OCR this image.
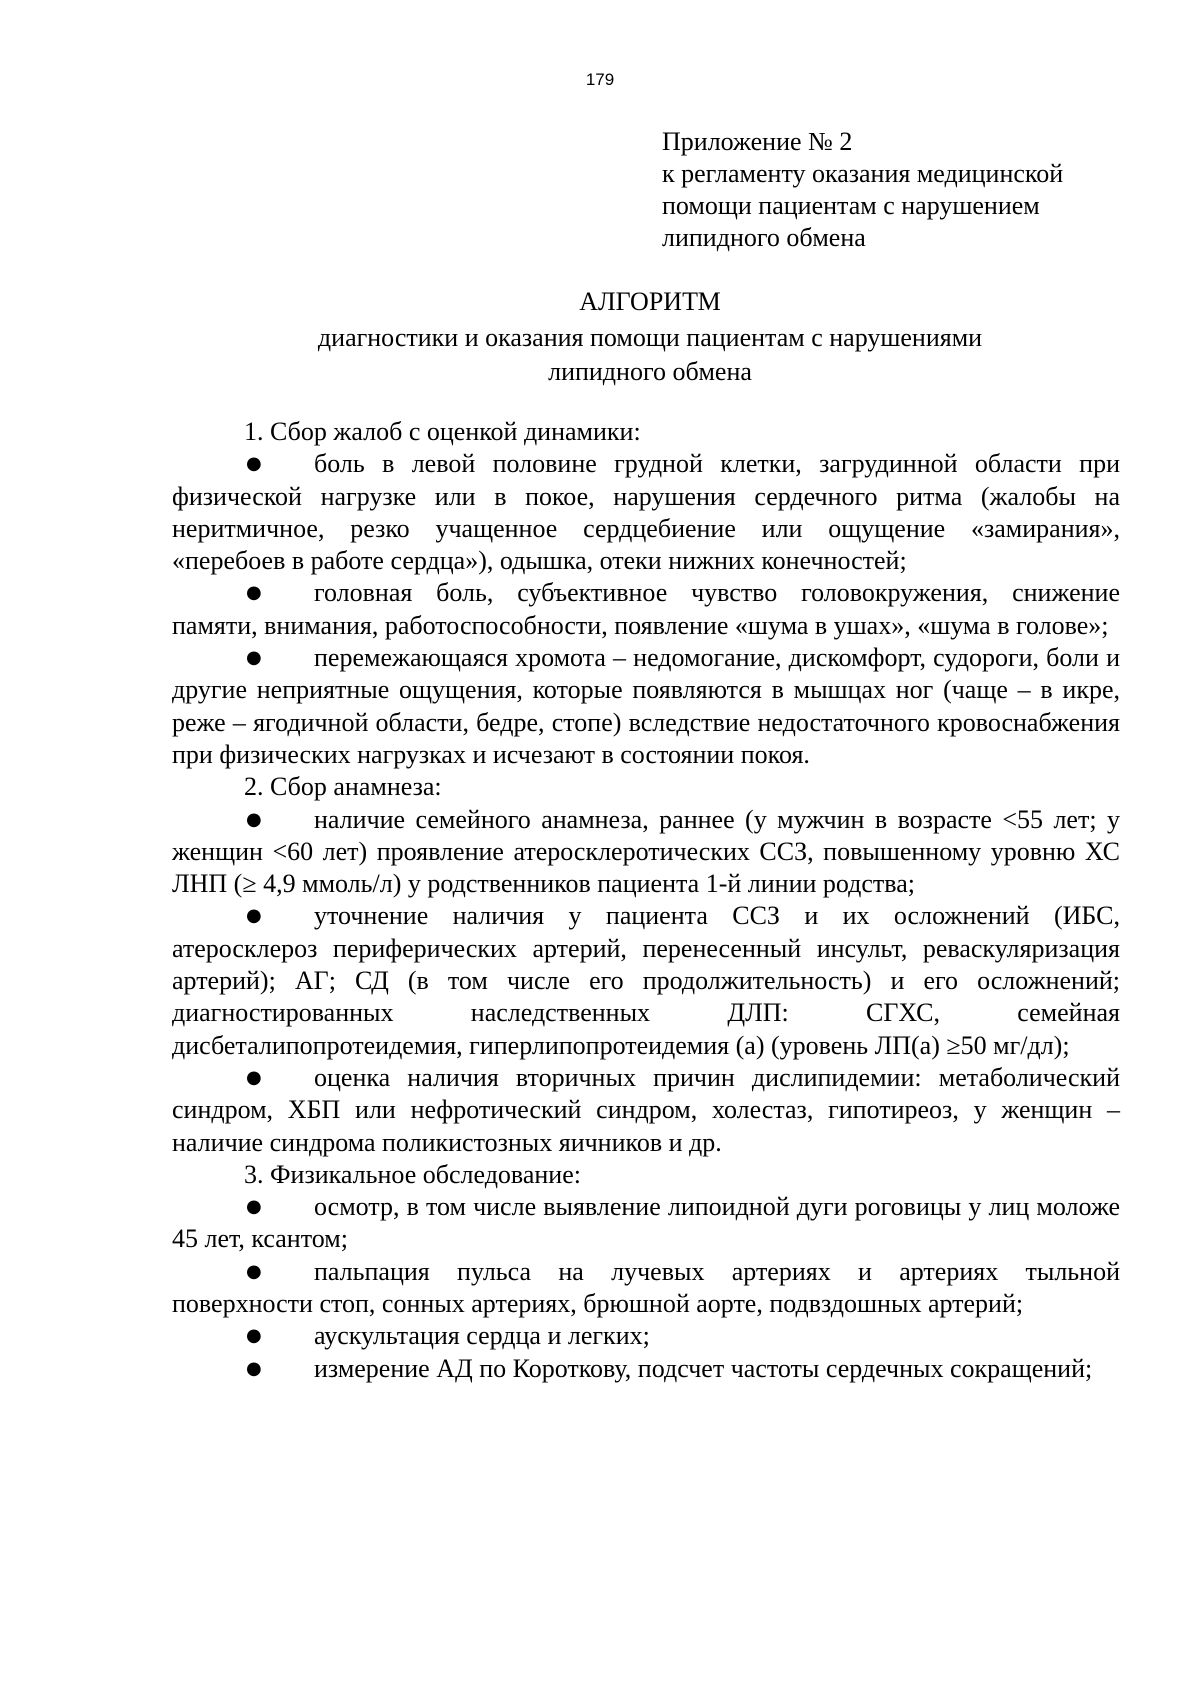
179
Приложение № 2
к регламенту оказания медицинской
помощи пациентам с нарушением
липидного обмена
АЛГОРИТМ
диагностики и оказания помощи пациентам с нарушениями липидного обмена
1. Сбор жалоб с оценкой динамики:
● боль в левой половине грудной клетки, загрудинной области при физической нагрузке или в покое, нарушения сердечного ритма (жалобы на неритмичное, резко учащенное сердцебиение или ощущение «замирания», «перебоев в работе сердца»), одышка, отеки нижних конечностей;
● головная боль, субъективное чувство головокружения, снижение памяти, внимания, работоспособности, появление «шума в ушах», «шума в голове»;
● перемежающаяся хромота – недомогание, дискомфорт, судороги, боли и другие неприятные ощущения, которые появляются в мышцах ног (чаще – в икре, реже – ягодичной области, бедре, стопе) вследствие недостаточного кровоснабжения при физических нагрузках и исчезают в состоянии покоя.
2. Сбор анамнеза:
● наличие семейного анамнеза, раннее (у мужчин в возрасте <55 лет; у женщин <60 лет) проявление атеросклеротических ССЗ, повышенному уровню ХС ЛНП (≥ 4,9 ммоль/л) у родственников пациента 1-й линии родства;
● уточнение наличия у пациента ССЗ и их осложнений (ИБС, атеросклероз периферических артерий, перенесенный инсульт, реваскуляризация артерий); АГ; СД (в том числе его продолжительность) и его осложнений; диагностированных наследственных ДЛП: СГХС, семейная дисбеталипопротеидемия, гиперлипопротеидемия (а) (уровень ЛП(а) ≥50 мг/дл);
● оценка наличия вторичных причин дислипидемии: метаболический синдром, ХБП или нефротический синдром, холестаз, гипотиреоз, у женщин – наличие синдрома поликистозных яичников и др.
3. Физикальное обследование:
● осмотр, в том числе выявление липоидной дуги роговицы у лиц моложе 45 лет, ксантом;
● пальпация пульса на лучевых артериях и артериях тыльной поверхности стоп, сонных артериях, брюшной аорте, подвздошных артерий;
● аускультация сердца и легких;
● измерение АД по Короткову, подсчет частоты сердечных сокращений;
